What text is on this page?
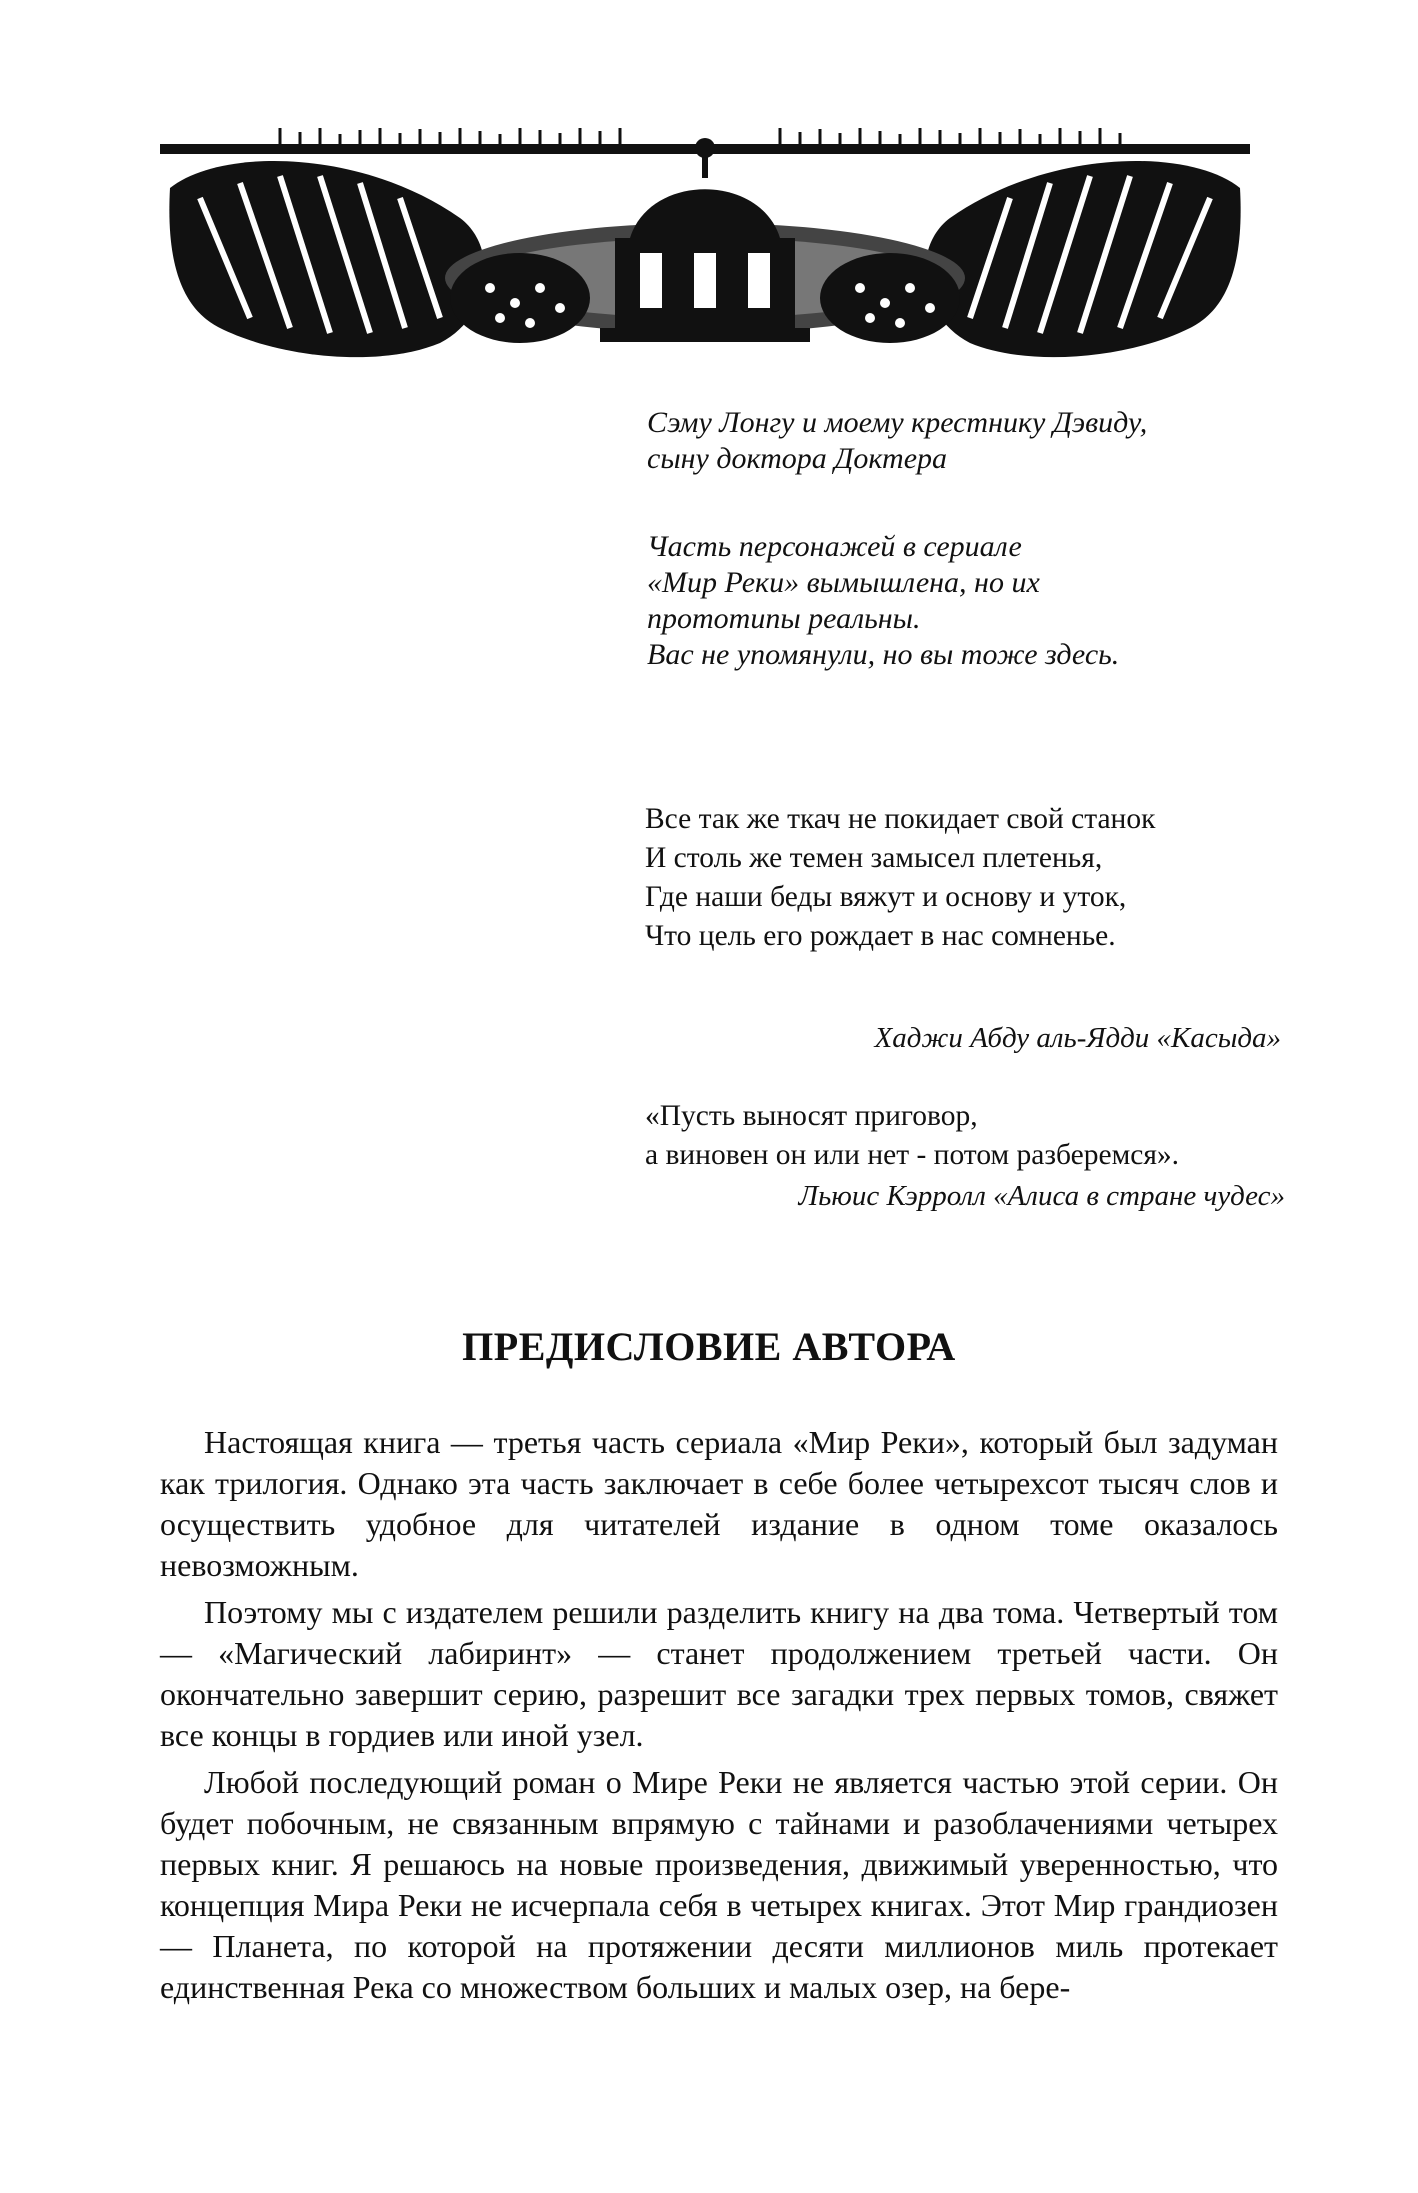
Сэму Лонгу и моему крестнику Дэвиду,

сыну доктора Доктера

Часть персонажей в сериале

«Мир Реки» вымышлена, но их

прототипы реальны.

Вас не упомянули, но вы тоже здесь.

Все так же ткач не покидает свой станок

И столь же темен замысел плетенья,

Где наши беды вяжут и основу и уток,

Что цель его рождает в нас сомненье.

Хаджи Абду аль-Ядди «Касыда»

«Пусть выносят приговор,

а виновен он или нет - потом разберемся».

Льюис Кэрролл «Алиса в стране чудес»

ПРЕДИСЛОВИЕ АВТОРА

Настоящая книга — третья часть сериала «Мир Реки», который был задуман как трилогия. Однако эта часть заключает в себе более четырехсот тысяч слов и осуществить удобное для читателей издание в одном томе оказалось невозможным.

Поэтому мы с издателем решили разделить книгу на два тома. Четвертый том — «Магический лабиринт» — станет продолжением третьей части. Он окончательно завершит серию, разрешит все загадки трех первых томов, свяжет все концы в гордиев или иной узел.

Любой последующий роман о Мире Реки не является частью этой серии. Он будет побочным, не связанным впрямую с тайнами и разоблачениями четырех первых книг. Я решаюсь на новые произведения, движимый уверенностью, что концепция Мира Реки не исчерпала себя в четырех книгах. Этот Мир грандиозен — Планета, по которой на протяжении десяти миллионов миль протекает единственная Река со множеством больших и малых озер, на бере-
